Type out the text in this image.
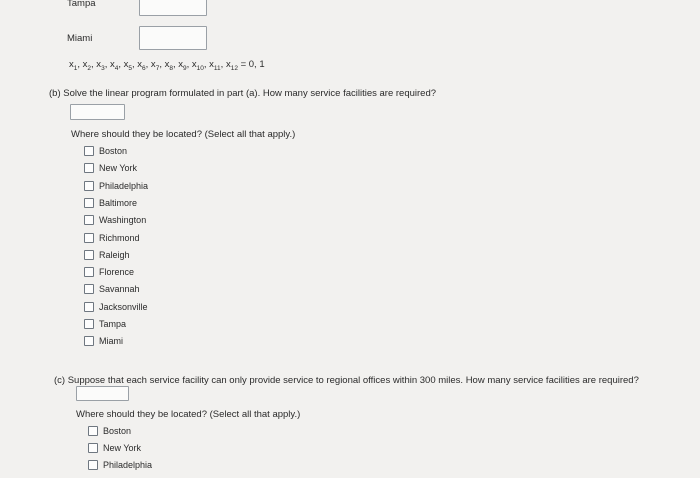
Tampa
Miami
$x_1$, $x_2$, $x_3$, $x_4$, $x_5$, $x_6$, $x_7$, $x_8$, $x_9$, $x_{10}$, $x_{11}$, $x_{12} = 0$, 1
(b) Solve the linear program formulated in part (a). How many service facilities are required?
Where should they be located? (Select all that apply.)
Boston
New York
Philadelphia
Baltimore
Washington
Richmond
Raleigh
Florence
Savannah
Jacksonville
Tampa
Miami
(c) Suppose that each service facility can only provide service to regional offices within 300 miles. How many service facilities are required?
Where should they be located? (Select all that apply.)
Boston
New York
Philadelphia
